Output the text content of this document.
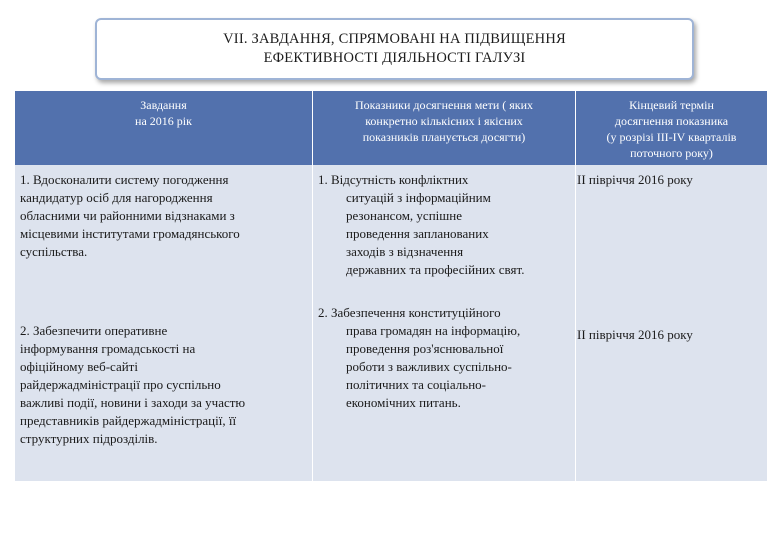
VII. ЗАВДАННЯ, СПРЯМОВАНІ НА ПІДВИЩЕННЯ
ЕФЕКТИВНОСТІ ДІЯЛЬНОСТІ ГАЛУЗІ
Завдання
на 2016 рік
Показники досягнення мети ( яких
конкретно кількісних і якісних
показників планується досягти)
Кінцевий термін
досягнення показника
(у розрізі ІІІ-IV кварталів
поточного року)
1. Вдосконалити систему погодження
кандидатур осіб для нагородження
обласними чи районними відзнаками з
місцевими інститутами громадянського
суспільства.
1. Відсутність конфліктних
ситуацій з інформаційним
резонансом, успішне
проведення запланованих
заходів з відзначення
державних та професійних свят.
ІІ півріччя 2016 року
2. Забезпечити оперативне
інформування громадськості на
офіційному веб-сайті
райдержадміністрації про суспільно
важливі події, новини і заходи за участю
представників райдержадміністрації, її
структурних підрозділів.
2. Забезпечення конституційного
права громадян на інформацію,
проведення роз'яснювальної
роботи з важливих суспільно-
політичних та соціально-
економічних питань.
ІІ півріччя 2016 року
